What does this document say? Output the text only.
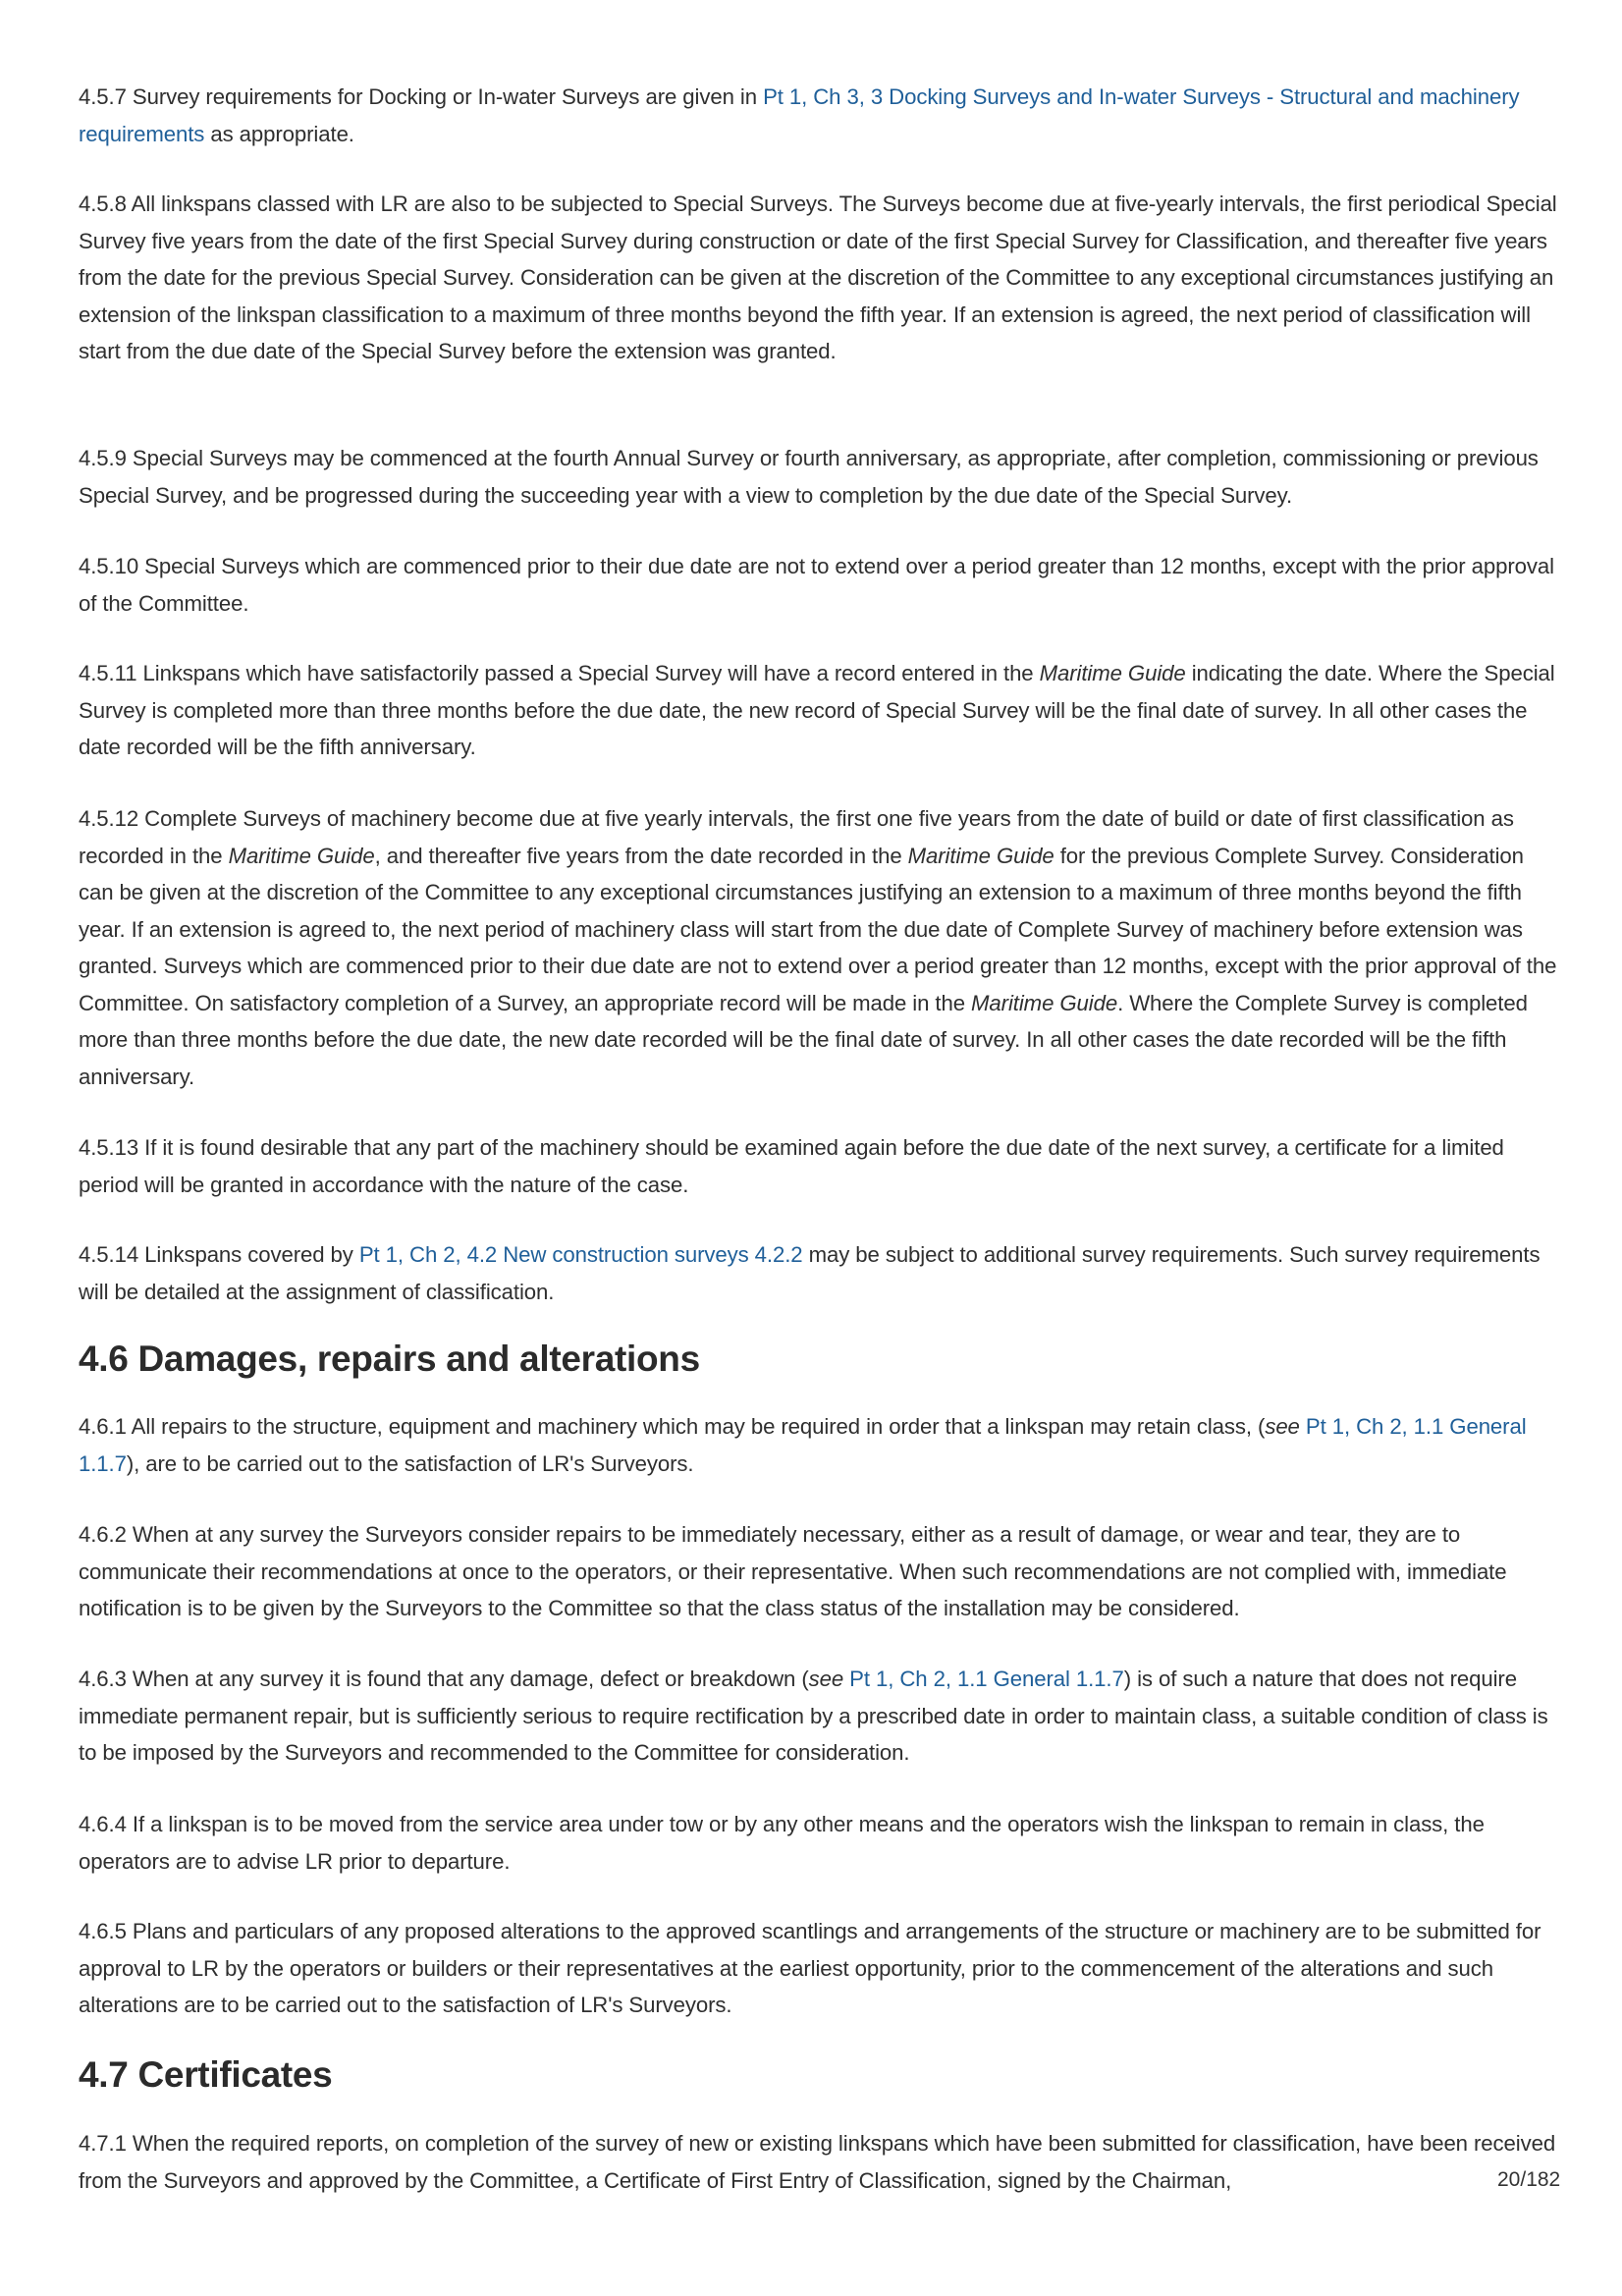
4.5.7 Survey requirements for Docking or In-water Surveys are given in Pt 1, Ch 3, 3 Docking Surveys and In-water Surveys - Structural and machinery requirements as appropriate.

4.5.8 All linkspans classed with LR are also to be subjected to Special Surveys. The Surveys become due at five-yearly intervals, the first periodical Special Survey five years from the date of the first Special Survey during construction or date of the first Special Survey for Classification, and thereafter five years from the date for the previous Special Survey. Consideration can be given at the discretion of the Committee to any exceptional circumstances justifying an extension of the linkspan classification to a maximum of three months beyond the fifth year. If an extension is agreed, the next period of classification will start from the due date of the Special Survey before the extension was granted.

4.5.9 Special Surveys may be commenced at the fourth Annual Survey or fourth anniversary, as appropriate, after completion, commissioning or previous Special Survey, and be progressed during the succeeding year with a view to completion by the due date of the Special Survey.

4.5.10 Special Surveys which are commenced prior to their due date are not to extend over a period greater than 12 months, except with the prior approval of the Committee.

4.5.11 Linkspans which have satisfactorily passed a Special Survey will have a record entered in the Maritime Guide indicating the date. Where the Special Survey is completed more than three months before the due date, the new record of Special Survey will be the final date of survey. In all other cases the date recorded will be the fifth anniversary.

4.5.12 Complete Surveys of machinery become due at five yearly intervals, the first one five years from the date of build or date of first classification as recorded in the Maritime Guide, and thereafter five years from the date recorded in the Maritime Guide for the previous Complete Survey. Consideration can be given at the discretion of the Committee to any exceptional circumstances justifying an extension to a maximum of three months beyond the fifth year. If an extension is agreed to, the next period of machinery class will start from the due date of Complete Survey of machinery before extension was granted. Surveys which are commenced prior to their due date are not to extend over a period greater than 12 months, except with the prior approval of the Committee. On satisfactory completion of a Survey, an appropriate record will be made in the Maritime Guide. Where the Complete Survey is completed more than three months before the due date, the new date recorded will be the final date of survey. In all other cases the date recorded will be the fifth anniversary.

4.5.13 If it is found desirable that any part of the machinery should be examined again before the due date of the next survey, a certificate for a limited period will be granted in accordance with the nature of the case.

4.5.14 Linkspans covered by Pt 1, Ch 2, 4.2 New construction surveys 4.2.2 may be subject to additional survey requirements. Such survey requirements will be detailed at the assignment of classification.

4.6 Damages, repairs and alterations

4.6.1 All repairs to the structure, equipment and machinery which may be required in order that a linkspan may retain class, (see Pt 1, Ch 2, 1.1 General 1.1.7), are to be carried out to the satisfaction of LR's Surveyors.

4.6.2 When at any survey the Surveyors consider repairs to be immediately necessary, either as a result of damage, or wear and tear, they are to communicate their recommendations at once to the operators, or their representative. When such recommendations are not complied with, immediate notification is to be given by the Surveyors to the Committee so that the class status of the installation may be considered.

4.6.3 When at any survey it is found that any damage, defect or breakdown (see Pt 1, Ch 2, 1.1 General 1.1.7) is of such a nature that does not require immediate permanent repair, but is sufficiently serious to require rectification by a prescribed date in order to maintain class, a suitable condition of class is to be imposed by the Surveyors and recommended to the Committee for consideration.

4.6.4 If a linkspan is to be moved from the service area under tow or by any other means and the operators wish the linkspan to remain in class, the operators are to advise LR prior to departure.

4.6.5 Plans and particulars of any proposed alterations to the approved scantlings and arrangements of the structure or machinery are to be submitted for approval to LR by the operators or builders or their representatives at the earliest opportunity, prior to the commencement of the alterations and such alterations are to be carried out to the satisfaction of LR's Surveyors.

4.7 Certificates

4.7.1 When the required reports, on completion of the survey of new or existing linkspans which have been submitted for classification, have been received from the Surveyors and approved by the Committee, a Certificate of First Entry of Classification, signed by the Chairman,	20/182
